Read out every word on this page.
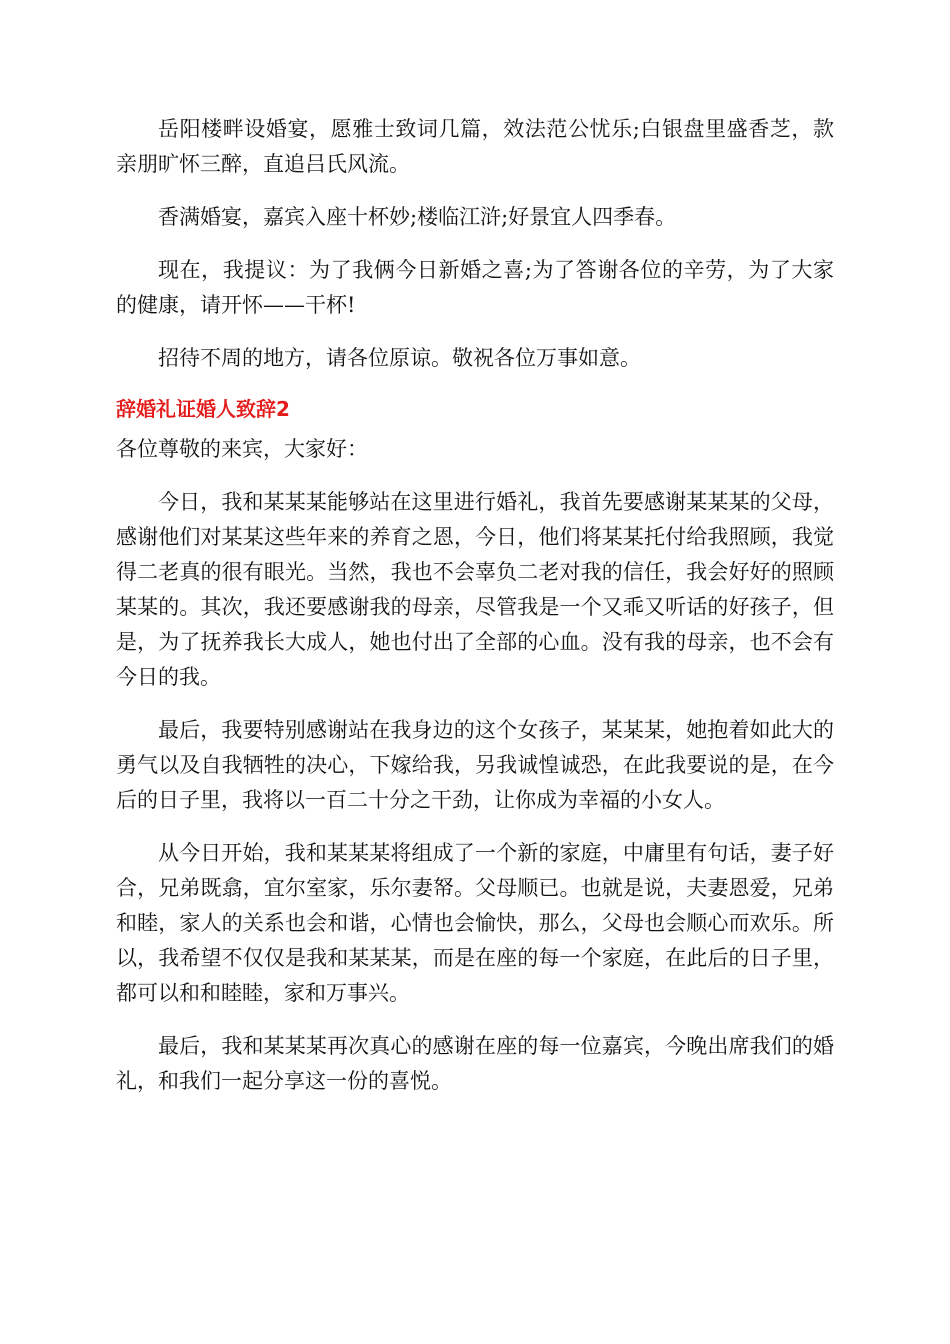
岳阳楼畔设婚宴，愿雅士致词几篇，效法范公忧乐;白银盘里盛香芝，款亲朋旷怀三醉，直追吕氏风流。

香满婚宴，嘉宾入座十杯妙;楼临江浒;好景宜人四季春。

现在，我提议：为了我俩今日新婚之喜;为了答谢各位的辛劳，为了大家的健康，请开怀——干杯!

招待不周的地方，请各位原谅。敬祝各位万事如意。

辞婚礼证婚人致辞2

各位尊敬的来宾，大家好：

今日，我和某某某能够站在这里进行婚礼，我首先要感谢某某某的父母，感谢他们对某某这些年来的养育之恩，今日，他们将某某托付给我照顾，我觉得二老真的很有眼光。当然，我也不会辜负二老对我的信任，我会好好的照顾某某的。其次，我还要感谢我的母亲，尽管我是一个又乖又听话的好孩子，但是，为了抚养我长大成人，她也付出了全部的心血。没有我的母亲，也不会有今日的我。

最后，我要特别感谢站在我身边的这个女孩子，某某某，她抱着如此大的勇气以及自我牺牲的决心，下嫁给我，另我诚惶诚恐，在此我要说的是，在今后的日子里，我将以一百二十分之干劲，让你成为幸福的小女人。

从今日开始，我和某某某将组成了一个新的家庭，中庸里有句话，妻子好合，兄弟既翕，宜尔室家，乐尔妻帑。父母顺已。也就是说，夫妻恩爱，兄弟和睦，家人的关系也会和谐，心情也会愉快，那么，父母也会顺心而欢乐。所以，我希望不仅仅是我和某某某，而是在座的每一个家庭，在此后的日子里，都可以和和睦睦，家和万事兴。

最后，我和某某某再次真心的感谢在座的每一位嘉宾，今晚出席我们的婚礼，和我们一起分享这一份的喜悦。
